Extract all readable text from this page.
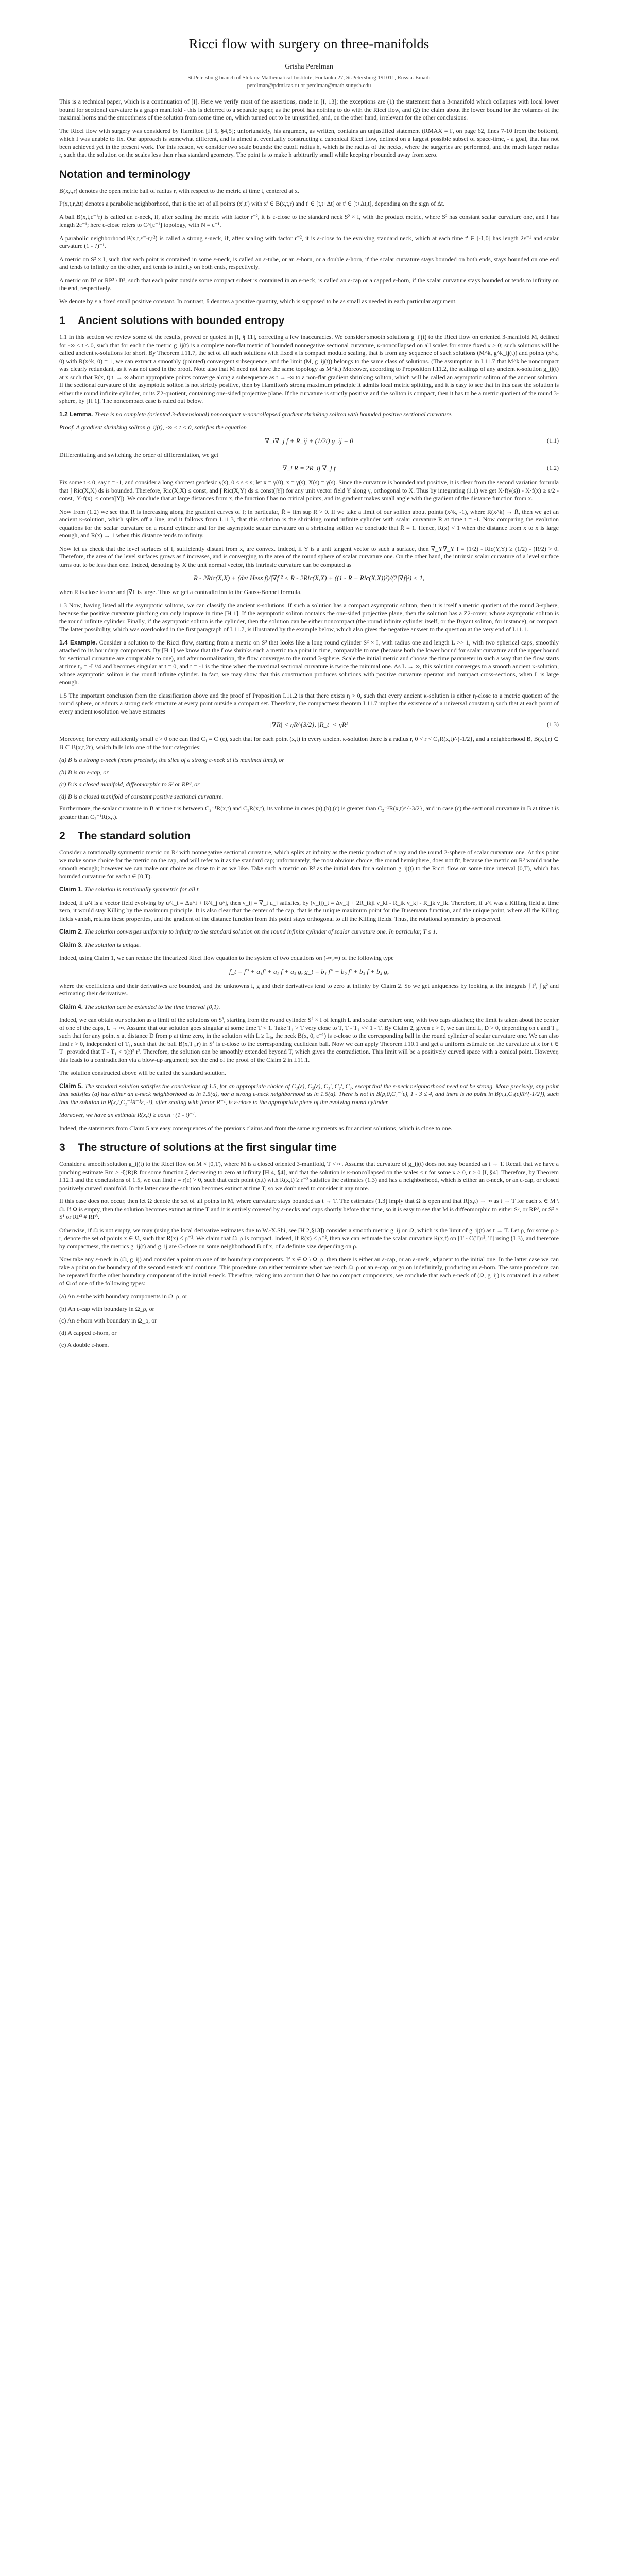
Ricci flow with surgery on three-manifolds
Grisha Perelman
St.Petersburg branch of Steklov Mathematical Institute, Fontanka 27, St.Petersburg 191011, Russia. Email:
perelman@pdmi.ras.ru or perelman@math.sunysb.edu

This is a technical paper, which is a continuation of [I]. Here we verify most of the assertions, made in [I, 13]; the exceptions are (1) the statement that a 3-manifold which collapses with local lower bound for sectional curvature is a graph manifold - this is deferred to a separate paper, as the proof has nothing to do with the Ricci flow, and (2) the claim about the lower bound for the volumes of the maximal horns and the smoothness of the solution from some time on, which turned out to be unjustified, and, on the other hand, irrelevant for the other conclusions.

The Ricci flow with surgery was considered by Hamilton [H 5, §4,5]; unfortunately, his argument, as written, contains an unjustified statement (RMAX = Γ, on page 62, lines 7-10 from the bottom), which I was unable to fix. Our approach is somewhat different, and is aimed at eventually constructing a canonical Ricci flow, defined on a largest possible subset of space-time, - a goal, that has not been achieved yet in the present work. For this reason, we consider two scale bounds: the cutoff radius h, which is the radius of the necks, where the surgeries are performed, and the much larger radius r, such that the solution on the scales less than r has standard geometry. The point is to make h arbitrarily small while keeping r bounded away from zero.

Notation and terminology

B(x,t,r) denotes the open metric ball of radius r, with respect to the metric at time t, centered at x.

P(x,t,r,Δt) denotes a parabolic neighborhood, that is the set of all points (x',t') with x' ∈ B(x,t,r) and t' ∈ [t,t+Δt] or t' ∈ [t+Δt,t], depending on the sign of Δt.

A ball B(x,t,ε⁻¹r) is called an ε-neck, if, after scaling the metric with factor r⁻², it is ε-close to the standard neck S² × I, with the product metric, where S² has constant scalar curvature one, and I has length 2ε⁻¹; here ε-close refers to C^[ε⁻¹] topology, with N = ε⁻¹.

A parabolic neighborhood P(x,t,ε⁻¹r,r²) is called a strong ε-neck, if, after scaling with factor r⁻², it is ε-close to the evolving standard neck, which at each time t' ∈ [-1,0] has length 2ε⁻¹ and scalar curvature (1 - t')⁻¹.

A metric on S² × I, such that each point is contained in some ε-neck, is called an ε-tube, or an ε-horn, or a double ε-horn, if the scalar curvature stays bounded on both ends, stays bounded on one end and tends to infinity on the other, and tends to infinity on both ends, respectively.

A metric on B³ or RP³ \ B̄³, such that each point outside some compact subset is contained in an ε-neck, is called an ε-cap or a capped ε-horn, if the scalar curvature stays bounded or tends to infinity on the end, respectively.

We denote by ε a fixed small positive constant. In contrast, δ denotes a positive quantity, which is supposed to be as small as needed in each particular argument.

1 Ancient solutions with bounded entropy

1.1 In this section we review some of the results, proved or quoted in [I, § 11], correcting a few inaccuracies. We consider smooth solutions g_ij(t) to the Ricci flow on oriented 3-manifold M, defined for -∞ < t ≤ 0, such that for each t the metric g_ij(t) is a complete non-flat metric of bounded nonnegative sectional curvature, κ-noncollapsed on all scales for some fixed κ > 0; such solutions will be called ancient κ-solutions for short. By Theorem I.11.7, the set of all such solutions with fixed κ is compact modulo scaling, that is from any sequence of such solutions (M^k, g^k_ij(t)) and points (x^k, 0) with R(x^k, 0) = 1, we can extract a smoothly (pointed) convergent subsequence, and the limit (M, g_ij(t)) belongs to the same class of solutions. (The assumption in I.11.7 that M^k be noncompact was clearly redundant, as it was not used in the proof. Note also that M need not have the same topology as M^k.) Moreover, according to Proposition I.11.2, the scalings of any ancient κ-solution g_ij(t) at x such that R(x, t)|t| → ∞ about appropriate points converge along a subsequence as t → -∞ to a non-flat gradient shrinking soliton, which will be called an asymptotic soliton of the ancient solution. If the sectional curvature of the asymptotic soliton is not strictly positive, then by Hamilton's strong maximum principle it admits local metric splitting, and it is easy to see that in this case the solution is either the round infinite cylinder, or its Z2-quotient, containing one-sided projective plane. If the curvature is strictly positive and the soliton is compact, then it has to be a metric quotient of the round 3-sphere, by [H 1]. The noncompact case is ruled out below.

1.2 Lemma. There is no complete (oriented 3-dimensional) noncompact κ-noncollapsed gradient shrinking soliton with bounded positive sectional curvature.

Proof. A gradient shrinking soliton g_ij(t), -∞ < t < 0, satisfies the equation

∇_i∇_j f + R_ij + (1/2t) g_ij = 0	(1.1)

Differentiating and switching the order of differentiation, we get

∇_i R = 2R_ij ∇_j f	(1.2)

Fix some t < 0, say t = -1, and consider a long shortest geodesic γ(s), 0 ≤ s ≤ s̄; let x = γ(0), x̄ = γ(s̄), X(s) = γ̇(s). Since the curvature is bounded and positive, it is clear from the second variation formula that ∫ Ric(X,X) ds is bounded. Therefore, Ric(X,X) ≤ const, and ∫ Ric(X,Y) ds ≤ const(|Y|) for any unit vector field Y along γ, orthogonal to X. Thus by integrating (1.1) we get X·f(γ(s̄)) - X·f(x) ≥ s̄/2 - const, |Y·f(x̄)| ≤ const(|Y|). We conclude that at large distances from x, the function f has no critical points, and its gradient makes small angle with the gradient of the distance function from x.

Now from (1.2) we see that R is increasing along the gradient curves of f; in particular, R̄ = lim sup R > 0. If we take a limit of our soliton about points (x^k, -1), where R(x^k) → R̄, then we get an ancient κ-solution, which splits off a line, and it follows from I.11.3, that this solution is the shrinking round infinite cylinder with scalar curvature R̄ at time t = -1. Now comparing the evolution equations for the scalar curvature on a round cylinder and for the asymptotic scalar curvature on a shrinking soliton we conclude that R̄ = 1. Hence, R(x) < 1 when the distance from x to x is large enough, and R(x) → 1 when this distance tends to infinity.

Now let us check that the level surfaces of f, sufficiently distant from x, are convex. Indeed, if Y is a unit tangent vector to such a surface, then ∇_Y∇_Y f = (1/2) - Ric(Y,Y) ≥ (1/2) - (R/2) > 0. Therefore, the area of the level surfaces grows as f increases, and is converging to the area of the round sphere of scalar curvature one. On the other hand, the intrinsic scalar curvature of a level surface turns out to be less than one. Indeed, denoting by X the unit normal vector, this intrinsic curvature can be computed as

R - 2Ric(X,X) + (det Hess f)/|∇f|² < R - 2Ric(X,X) + ((1 - R + Ric(X,X))²)/(2|∇f|²) < 1,

when R is close to one and |∇f| is large. Thus we get a contradiction to the Gauss-Bonnet formula.

1.3 Now, having listed all the asymptotic solitons, we can classify the ancient κ-solutions. If such a solution has a compact asymptotic soliton, then it is itself a metric quotient of the round 3-sphere, because the positive curvature pinching can only improve in time [H 1]. If the asymptotic soliton contains the one-sided projective plane, then the solution has a Z2-cover, whose asymptotic soliton is the round infinite cylinder. Finally, if the asymptotic soliton is the cylinder, then the solution can be either noncompact (the round infinite cylinder itself, or the Bryant soliton, for instance), or compact. The latter possibility, which was overlooked in the first paragraph of I.11.7, is illustrated by the example below, which also gives the negative answer to the question at the very end of I.11.1.

1.4 Example. Consider a solution to the Ricci flow, starting from a metric on S³ that looks like a long round cylinder S² × I, with radius one and length L >> 1, with two spherical caps, smoothly attached to its boundary components. By [H 1] we know that the flow shrinks such a metric to a point in time, comparable to one (because both the lower bound for scalar curvature and the upper bound for sectional curvature are comparable to one), and after normalization, the flow converges to the round 3-sphere. Scale the initial metric and choose the time parameter in such a way that the flow starts at time t₀ = -L²/4 and becomes singular at t = 0, and t = -1 is the time when the maximal sectional curvature is twice the minimal one. As L → ∞, this solution converges to a smooth ancient κ-solution, whose asymptotic soliton is the round infinite cylinder. In fact, we may show that this construction produces solutions with positive curvature operator and compact cross-sections, when L is large enough.

1.5 The important conclusion from the classification above and the proof of Proposition I.11.2 is that there exists η > 0, such that every ancient κ-solution is either η-close to a metric quotient of the round sphere, or admits a strong neck structure at every point outside a compact set. Therefore, the compactness theorem I.11.7 implies the existence of a universal constant η such that at each point of every ancient κ-solution we have estimates

|∇R| < ηR^{3/2}, |R_t| < ηR²	(1.3)

Moreover, for every sufficiently small ε > 0 one can find C₁ = C₁(ε), such that for each point (x,t) in every ancient κ-solution there is a radius r, 0 < r < C₁R(x,t)^{-1/2}, and a neighborhood B, B(x,t,r) ⊂ B ⊂ B(x,t,2r), which falls into one of the four categories:

(a) B is a strong ε-neck (more precisely, the slice of a strong ε-neck at its maximal time), or

(b) B is an ε-cap, or

(c) B is a closed manifold, diffeomorphic to S³ or RP³, or

(d) B is a closed manifold of constant positive sectional curvature.

Furthermore, the scalar curvature in B at time t is between C₂⁻¹R(x,t) and C₂R(x,t), its volume in cases (a),(b),(c) is greater than C₂⁻¹R(x,t)^{-3/2}, and in case (c) the sectional curvature in B at time t is greater than C₂⁻¹R(x,t).

2 The standard solution

Consider a rotationally symmetric metric on R³ with nonnegative sectional curvature, which splits at infinity as the metric product of a ray and the round 2-sphere of scalar curvature one. At this point we make some choice for the metric on the cap, and will refer to it as the standard cap; unfortunately, the most obvious choice, the round hemisphere, does not fit, because the metric on R³ would not be smooth enough; however we can make our choice as close to it as we like. Take such a metric on R³ as the initial data for a solution g_ij(t) to the Ricci flow on some time interval [0,T), which has bounded curvature for each t ∈ [0,T).

Claim 1. The solution is rotationally symmetric for all t.

Indeed, if u^i is a vector field evolving by u^i_t = Δu^i + R^i_j u^j, then v_ij = ∇_i u_j satisfies, by (v_ij)_t = Δv_ij + 2R_ikjl v_kl - R_ik v_kj - R_jk v_ik. Therefore, if u^i was a Killing field at time zero, it would stay Killing by the maximum principle. It is also clear that the center of the cap, that is the unique maximum point for the Busemann function, and the unique point, where all the Killing fields vanish, retains these properties, and the gradient of the distance function from this point stays orthogonal to all the Killing fields. Thus, the rotational symmetry is preserved.

Claim 2. The solution converges uniformly to infinity to the standard solution on the round infinite cylinder of scalar curvature one. In particular, T ≤ 1.

Claim 3. The solution is unique.

Indeed, using Claim 1, we can reduce the linearized Ricci flow equation to the system of two equations on (-∞,∞) of the following type

f_t = f'' + a₁f' + a₂ f + a₃ g, g_t = b₁ f'' + b₂ f' + b₃ f + b₄ g,

where the coefficients and their derivatives are bounded, and the unknowns f, g and their derivatives tend to zero at infinity by Claim 2. So we get uniqueness by looking at the integrals ∫ f², ∫ g² and estimating their derivatives.

Claim 4. The solution can be extended to the time interval [0,1).

Indeed, we can obtain our solution as a limit of the solutions on S³, starting from the round cylinder S² × I of length L and scalar curvature one, with two caps attached; the limit is taken about the center of one of the caps, L → ∞. Assume that our solution goes singular at some time T < 1. Take T₁ > T very close to T, T - T₁ << 1 - T. By Claim 2, given ε > 0, we can find L, D > 0, depending on ε and T₁, such that for any point x at distance D from p at time zero, in the solution with L ≥ L₀, the neck B(x, 0, ε⁻¹) is ε-close to the corresponding ball in the round cylinder of scalar curvature one. We can also find r > 0, independent of T₁, such that the ball B(x,T₁,r) in S³ is ε-close to the corresponding euclidean ball. Now we can apply Theorem I.10.1 and get a uniform estimate on the curvature at x for t ∈ T₁ provided that T - T₁ < τ(r)² r². Therefore, the solution can be smoothly extended beyond T, which gives the contradiction. This limit will be a positively curved space with a conical point. However, this leads to a contradiction via a blow-up argument; see the end of the proof of the Claim 2 in I.11.1.

The solution constructed above will be called the standard solution.

Claim 5. The standard solution satisfies the conclusions of 1.5, for an appropriate choice of C₁(ε), C₂(ε), C₁', C₂', C₃, except that the ε-neck neighborhood need not be strong. More precisely, any point that satisfies (a) has either an ε-neck neighborhood as in 1.5(a), nor a strong ε-neck neighborhood as in 1.5(a). There is not in B(p,0,C₁⁻¹ε), 1 - 3 ≤ 4, and there is no point in B(x,t,C₁(ε)R^{-1/2}), such that the solution in P(x,t,C₁⁻¹R⁻¹ε, -t), after scaling with factor R⁻¹, is ε-close to the appropriate piece of the evolving round cylinder.

Moreover, we have an estimate R(x,t) ≥ const · (1 - t)⁻¹.

Indeed, the statements from Claim 5 are easy consequences of the previous claims and from the same arguments as for ancient solutions, which is close to one.

3 The structure of solutions at the first singular time

Consider a smooth solution g_ij(t) to the Ricci flow on M × [0,T), where M is a closed oriented 3-manifold, T < ∞. Assume that curvature of g_ij(t) does not stay bounded as t → T. Recall that we have a pinching estimate Rm ≥ -ξ(R)R for some function ξ decreasing to zero at infinity [H 4, §4], and that the solution is κ-noncollapsed on the scales ≤ r for some κ > 0, r > 0 [I, §4]. Therefore, by Theorem I.12.1 and the conclusions of 1.5, we can find r = r(ε) > 0, such that each point (x,t) with R(x,t) ≥ r⁻² satisfies the estimates (1.3) and has a neighborhood, which is either an ε-neck, or an ε-cap, or closed positively curved manifold. In the latter case the solution becomes extinct at time T, so we don't need to consider it any more.

If this case does not occur, then let Ω denote the set of all points in M, where curvature stays bounded as t → T. The estimates (1.3) imply that Ω is open and that R(x,t) → ∞ as t → T for each x ∈ M \ Ω. If Ω is empty, then the solution becomes extinct at time T and it is entirely covered by ε-necks and caps shortly before that time, so it is easy to see that M is diffeomorphic to either S³, or RP³, or S² × S¹ or RP³ # RP³.

Otherwise, if Ω is not empty, we may (using the local derivative estimates due to W.-X.Shi, see [H 2,§13]) consider a smooth metric ḡ_ij on Ω, which is the limit of g_ij(t) as t → T. Let ρ, for some ρ > r, denote the set of points x ∈ Ω, such that R(x) ≤ ρ⁻². We claim that Ω_ρ is compact. Indeed, if R(x) ≤ ρ⁻², then we can estimate the scalar curvature R(x,t) on [T - C(T)r², T] using (1.3), and therefore by compactness, the metrics g_ij(t) and ḡ_ij are C-close on some neighborhood B of x, of a definite size depending on ρ.

Now take any ε-neck in (Ω, ḡ_ij) and consider a point on one of its boundary components. If x ∈ Ω \ Ω_ρ, then there is either an ε-cap, or an ε-neck, adjacent to the initial one. In the latter case we can take a point on the boundary of the second ε-neck and continue. This procedure can either terminate when we reach Ω_ρ or an ε-cap, or go on indefinitely, producing an ε-horn. The same procedure can be repeated for the other boundary component of the initial ε-neck. Therefore, taking into account that Ω has no compact components, we conclude that each ε-neck of (Ω, ḡ_ij) is contained in a subset of Ω of one of the following types:

(a) An ε-tube with boundary components in Ω_ρ, or

(b) An ε-cap with boundary in Ω_ρ, or

(c) An ε-horn with boundary in Ω_ρ, or

(d) A capped ε-horn, or

(e) A double ε-horn.
